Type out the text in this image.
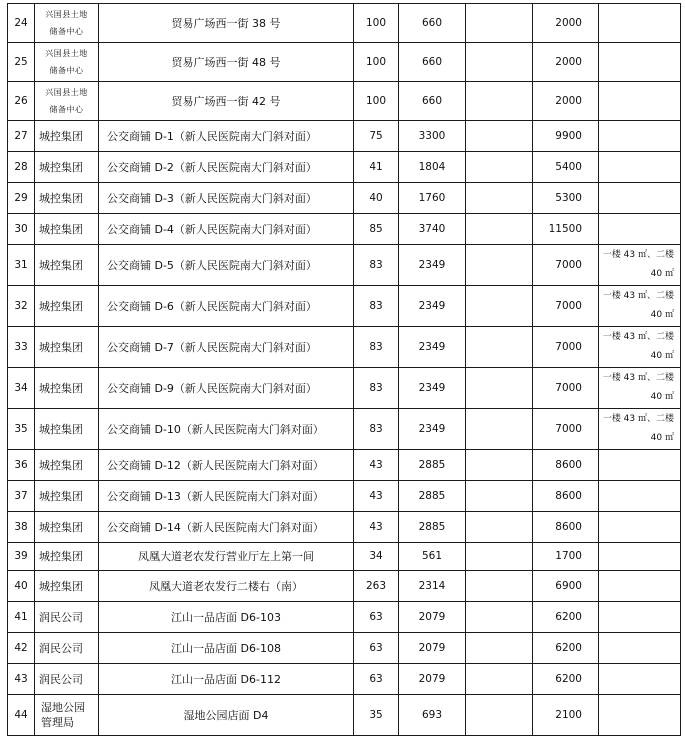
24	兴国县土地
储备中心	贸易广场西一街 38 号	100	660		2000	
25	兴国县土地
储备中心	贸易广场西一街 48 号	100	660		2000	
26	兴国县土地
储备中心	贸易广场西一街 42 号	100	660		2000	
27	城控集团	公交商铺 D-1（新人民医院南大门斜对面）	75	3300		9900	
28	城控集团	公交商铺 D-2（新人民医院南大门斜对面）	41	1804		5400	
29	城控集团	公交商铺 D-3（新人民医院南大门斜对面）	40	1760		5300	
30	城控集团	公交商铺 D-4（新人民医院南大门斜对面）	85	3740		11500	
31	城控集团	公交商铺 D-5（新人民医院南大门斜对面）	83	2349		7000	一楼 43 ㎡、二楼
40 ㎡

32	城控集团	公交商铺 D-6（新人民医院南大门斜对面）	83	2349		7000	一楼 43 ㎡、二楼
40 ㎡

33	城控集团	公交商铺 D-7（新人民医院南大门斜对面）	83	2349		7000	一楼 43 ㎡、二楼
40 ㎡

34	城控集团	公交商铺 D-9（新人民医院南大门斜对面）	83	2349		7000	一楼 43 ㎡、二楼
40 ㎡

35	城控集团	公交商铺 D-10（新人民医院南大门斜对面）	83	2349		7000	一楼 43 ㎡、二楼
40 ㎡

36	城控集团	公交商铺 D-12（新人民医院南大门斜对面）	43	2885		8600	
37	城控集团	公交商铺 D-13（新人民医院南大门斜对面）	43	2885		8600	
38	城控集团	公交商铺 D-14（新人民医院南大门斜对面）	43	2885		8600	
39	城控集团	凤凰大道老农发行营业厅左上第一间	34	561		1700	
40	城控集团	凤凰大道老农发行二楼右（南）	263	2314		6900	
41	润民公司	江山一品店面 D6-103	63	2079		6200	
42	润民公司	江山一品店面 D6-108	63	2079		6200	
43	润民公司	江山一品店面 D6-112	63	2079		6200	
44	湿地公园
管理局	湿地公园店面 D4	35	693		2100	
